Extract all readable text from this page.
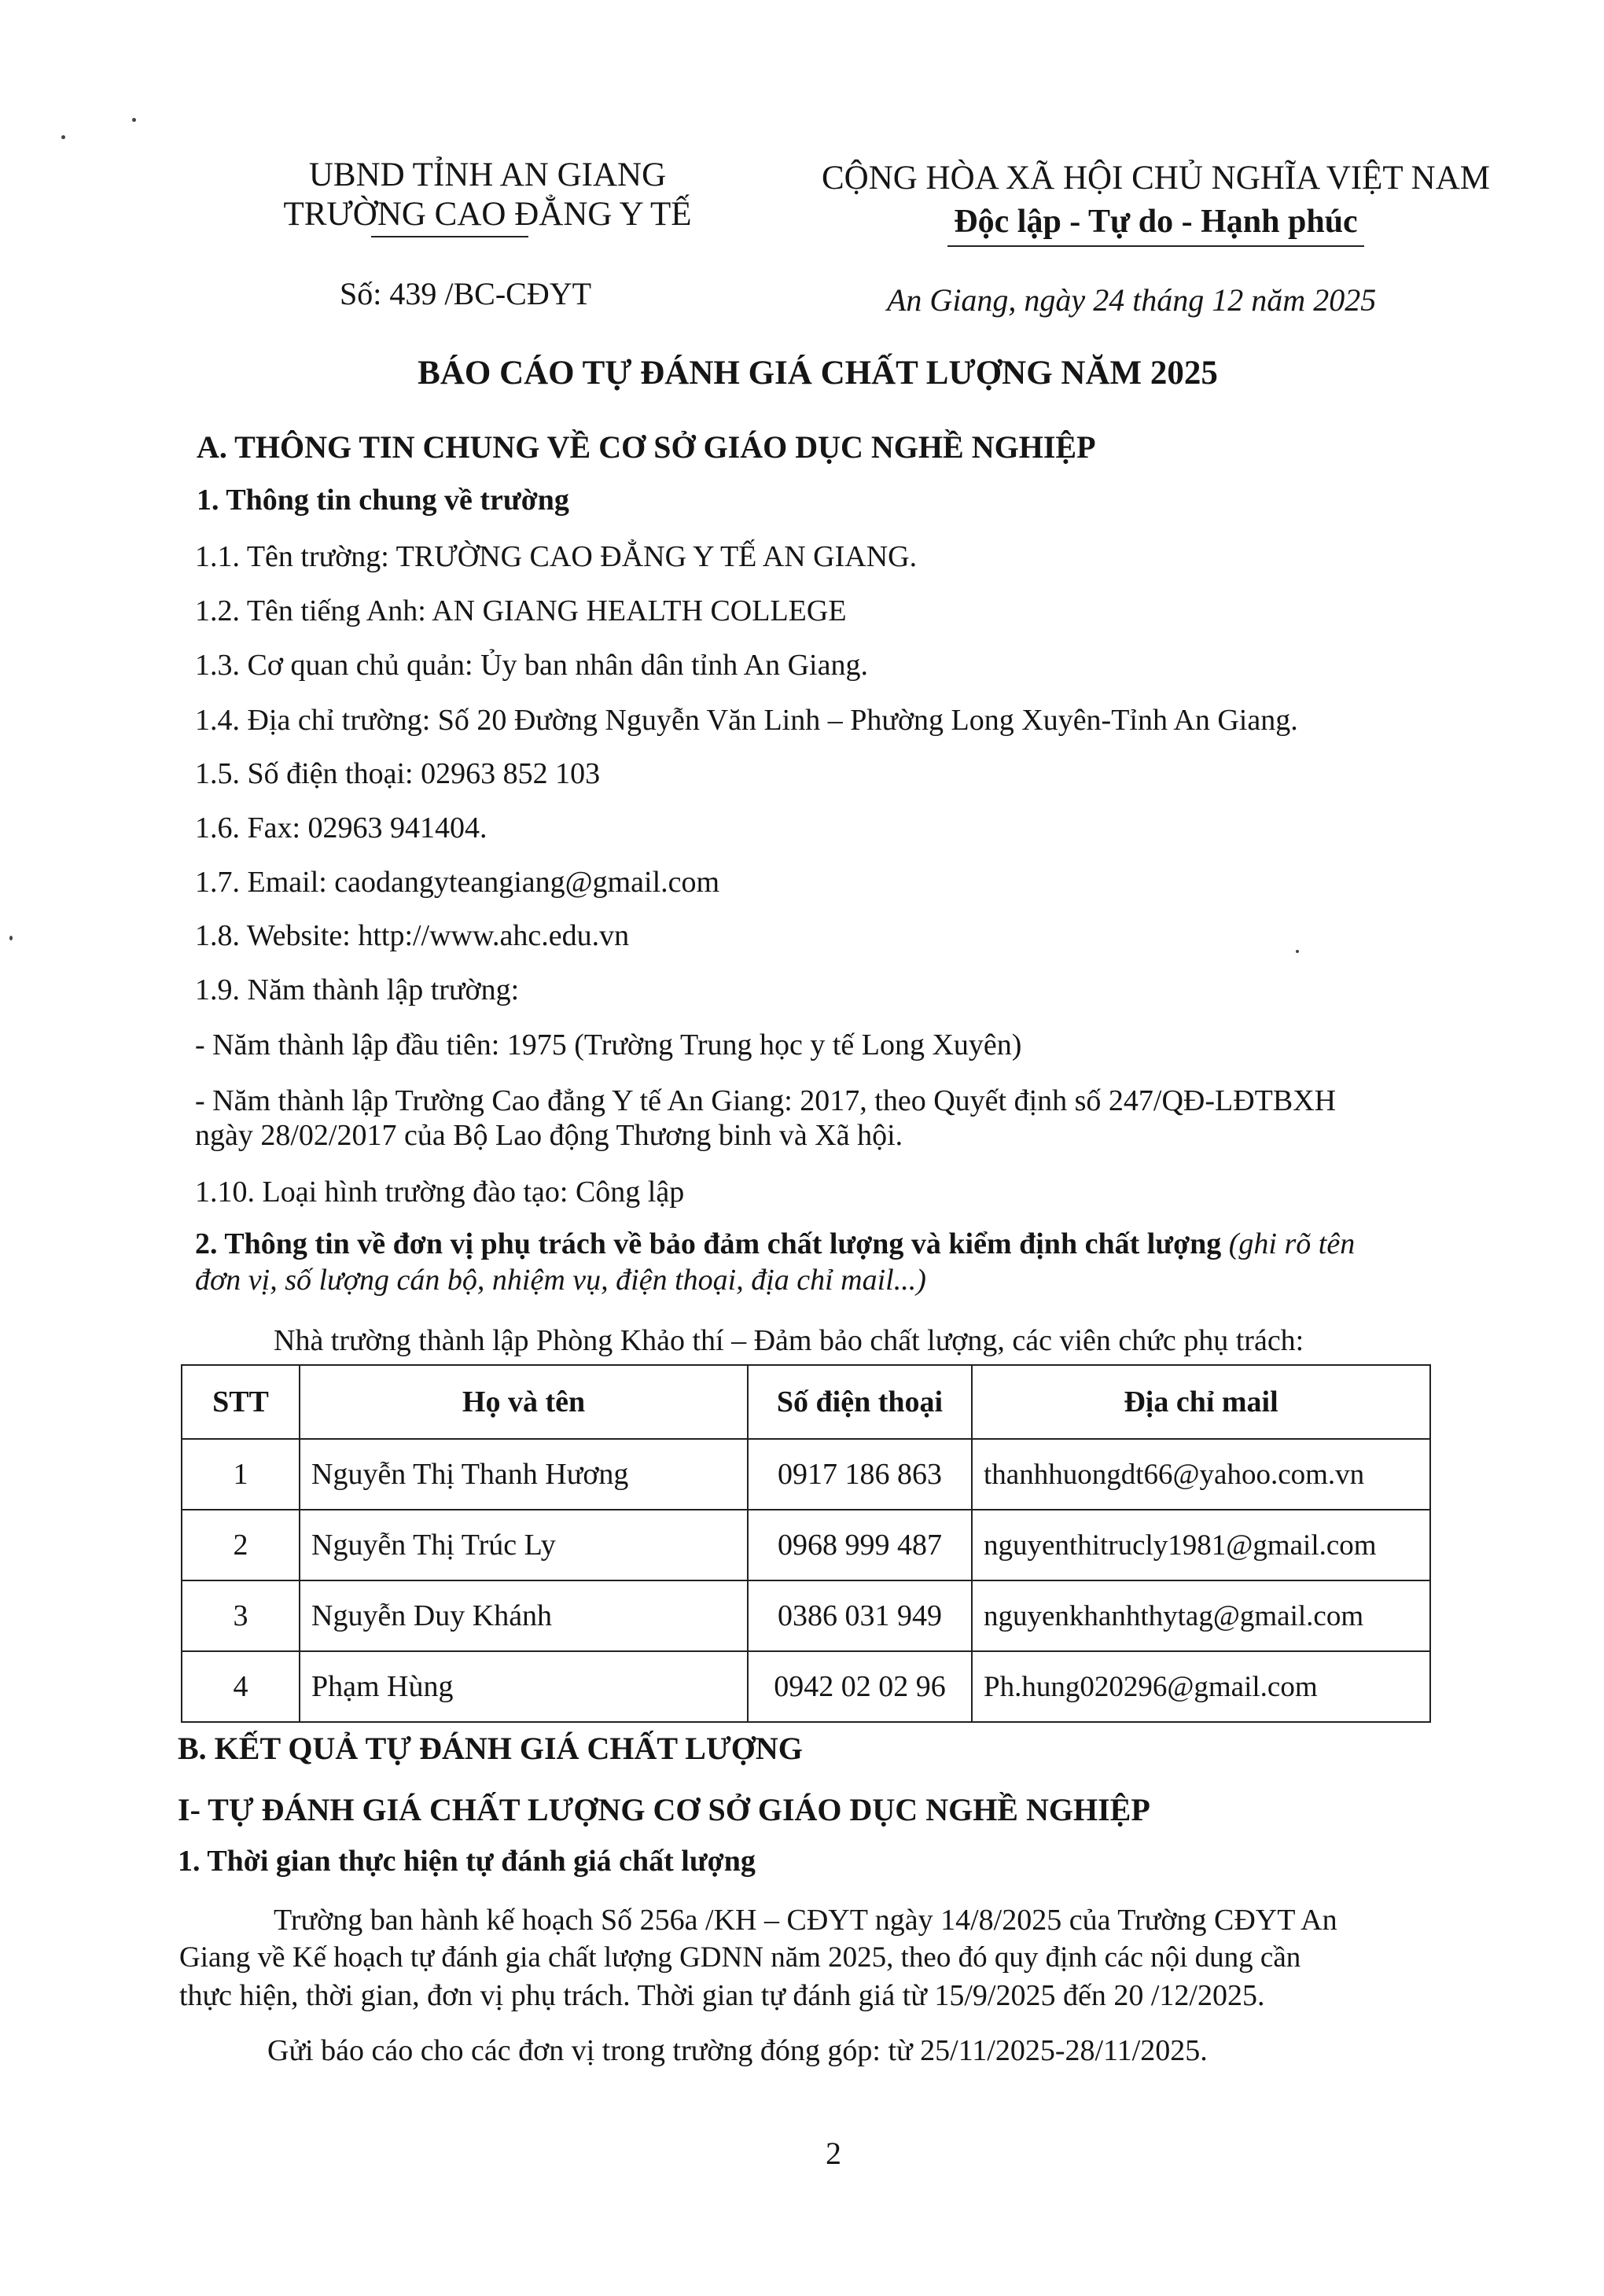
UBND TỈNH AN GIANG
TRƯỜNG CAO ĐẲNG Y TẾ
CỘNG HÒA XÃ HỘI CHỦ NGHĨA VIỆT NAM
Độc lập - Tự do - Hạnh phúc
Số: 439 /BC-CĐYT	An Giang, ngày 24 tháng 12 năm 2025
BÁO CÁO TỰ ĐÁNH GIÁ CHẤT LƯỢNG NĂM 2025
A. THÔNG TIN CHUNG VỀ CƠ SỞ GIÁO DỤC NGHỀ NGHIỆP
1. Thông tin chung về trường
1.1. Tên trường: TRƯỜNG CAO ĐẲNG Y TẾ AN GIANG.
1.2. Tên tiếng Anh: AN GIANG HEALTH COLLEGE
1.3. Cơ quan chủ quản: Ủy ban nhân dân tỉnh An Giang.
1.4. Địa chỉ trường: Số 20 Đường Nguyễn Văn Linh – Phường Long Xuyên-Tỉnh An Giang.
1.5. Số điện thoại: 02963 852 103
1.6. Fax: 02963 941404.
1.7. Email: caodangyteangiang@gmail.com
1.8. Website: http://www.ahc.edu.vn
1.9. Năm thành lập trường:
- Năm thành lập đầu tiên: 1975 (Trường Trung học y tế Long Xuyên)
- Năm thành lập Trường Cao đẳng Y tế An Giang: 2017, theo Quyết định số 247/QĐ-LĐTBXH
ngày 28/02/2017 của Bộ Lao động Thương binh và Xã hội.
1.10. Loại hình trường đào tạo: Công lập
2. Thông tin về đơn vị phụ trách về bảo đảm chất lượng và kiểm định chất lượng (ghi rõ tên
đơn vị, số lượng cán bộ, nhiệm vụ, điện thoại, địa chỉ mail...)
Nhà trường thành lập Phòng Khảo thí – Đảm bảo chất lượng, các viên chức phụ trách:
STT	Họ và tên	Số điện thoại	Địa chỉ mail
1	Nguyễn Thị Thanh Hương	0917 186 863	thanhhuongdt66@yahoo.com.vn
2	Nguyễn Thị Trúc Ly	0968 999 487	nguyenthitrucly1981@gmail.com
3	Nguyễn Duy Khánh	0386 031 949	nguyenkhanhthytag@gmail.com
4	Phạm Hùng	0942 02 02 96	Ph.hung020296@gmail.com
B. KẾT QUẢ TỰ ĐÁNH GIÁ CHẤT LƯỢNG
I- TỰ ĐÁNH GIÁ CHẤT LƯỢNG CƠ SỞ GIÁO DỤC NGHỀ NGHIỆP
1. Thời gian thực hiện tự đánh giá chất lượng
Trường ban hành kế hoạch Số 256a /KH – CĐYT ngày 14/8/2025 của Trường CĐYT An
Giang về Kế hoạch tự đánh gia chất lượng GDNN năm 2025, theo đó quy định các nội dung cần
thực hiện, thời gian, đơn vị phụ trách. Thời gian tự đánh giá từ 15/9/2025 đến 20 /12/2025.
Gửi báo cáo cho các đơn vị trong trường đóng góp: từ 25/11/2025-28/11/2025.
2
